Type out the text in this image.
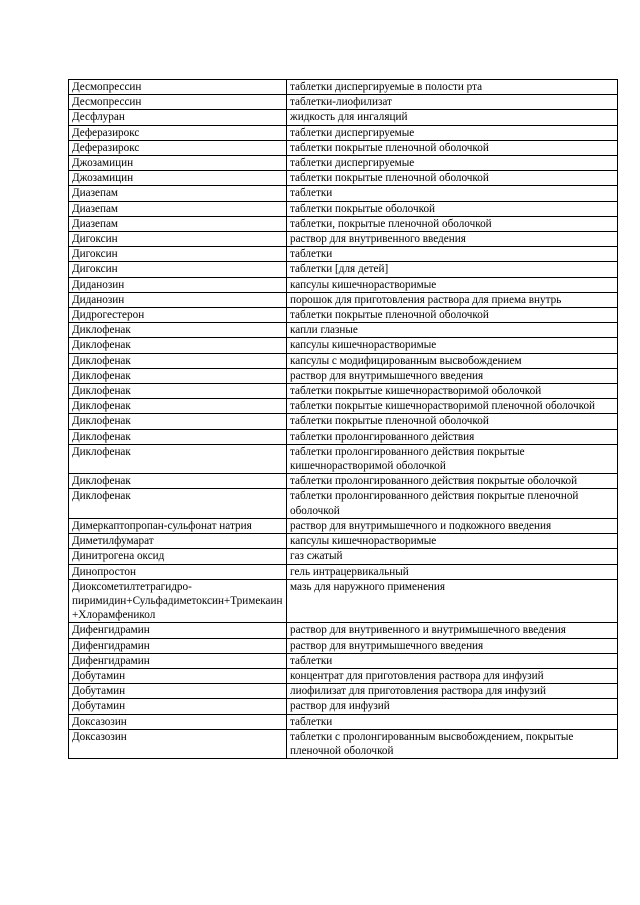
Десмопрессин	таблетки диспергируемые в полости рта
Десмопрессин	таблетки-лиофилизат
Десфлуран	жидкость для ингаляций
Деферазирокс	таблетки диспергируемые
Деферазирокс	таблетки покрытые пленочной оболочкой
Джозамицин	таблетки диспергируемые
Джозамицин	таблетки покрытые пленочной оболочкой
Диазепам	таблетки
Диазепам	таблетки покрытые оболочкой
Диазепам	таблетки, покрытые пленочной оболочкой
Дигоксин	раствор для внутривенного введения
Дигоксин	таблетки
Дигоксин	таблетки [для детей]
Диданозин	капсулы кишечнорастворимые
Диданозин	порошок для приготовления раствора для приема внутрь
Дидрогестерон	таблетки покрытые пленочной оболочкой
Диклофенак	капли глазные
Диклофенак	капсулы кишечнорастворимые
Диклофенак	капсулы с модифицированным высвобождением
Диклофенак	раствор для внутримышечного введения
Диклофенак	таблетки покрытые кишечнорастворимой оболочкой
Диклофенак	таблетки покрытые кишечнорастворимой пленочной оболочкой
Диклофенак	таблетки покрытые пленочной оболочкой
Диклофенак	таблетки пролонгированного действия
Диклофенак	таблетки пролонгированного действия покрытые кишечнорастворимой оболочкой
Диклофенак	таблетки пролонгированного действия покрытые оболочкой
Диклофенак	таблетки пролонгированного действия покрытые пленочной оболочкой
Димеркаптопропан-сульфонат натрия	раствор для внутримышечного и подкожного введения
Диметилфумарат	капсулы кишечнорастворимые
Динитрогена оксид	газ сжатый
Динопростон	гель интрацервикальный
Диоксометилтетрагидро-пиримидин+Сульфадиметоксин+Тримекаин+Хлорамфеникол	мазь для наружного применения
Дифенгидрамин	раствор для внутривенного и внутримышечного введения
Дифенгидрамин	раствор для внутримышечного введения
Дифенгидрамин	таблетки
Добутамин	концентрат для приготовления раствора для инфузий
Добутамин	лиофилизат для приготовления раствора для инфузий
Добутамин	раствор для инфузий
Доксазозин	таблетки
Доксазозин	таблетки с пролонгированным высвобождением, покрытые пленочной оболочкой
